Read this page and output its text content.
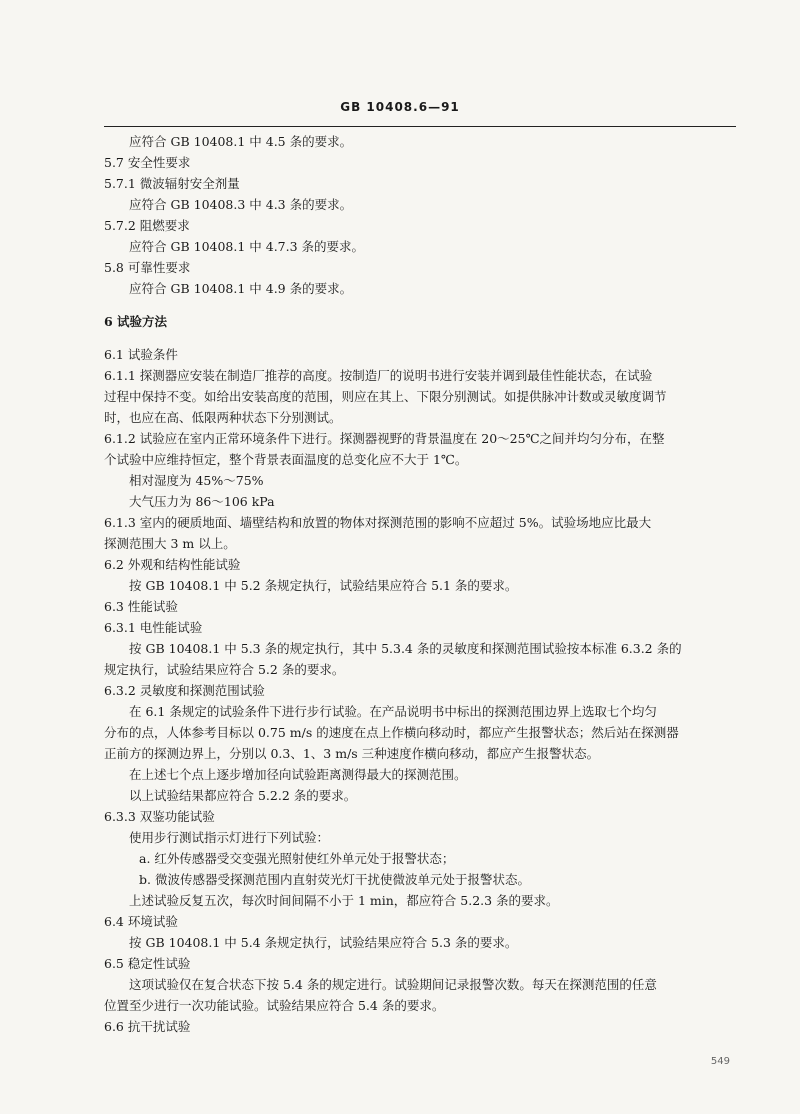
GB 10408.6—91
应符合 GB 10408.1 中 4.5 条的要求。
5.7 安全性要求
5.7.1 微波辐射安全剂量
应符合 GB 10408.3 中 4.3 条的要求。
5.7.2 阻燃要求
应符合 GB 10408.1 中 4.7.3 条的要求。
5.8 可靠性要求
应符合 GB 10408.1 中 4.9 条的要求。
6 试验方法
6.1 试验条件
6.1.1 探测器应安装在制造厂推荐的高度。按制造厂的说明书进行安装并调到最佳性能状态，在试验
过程中保持不变。如给出安装高度的范围，则应在其上、下限分别测试。如提供脉冲计数或灵敏度调节
时，也应在高、低限两种状态下分别测试。
6.1.2 试验应在室内正常环境条件下进行。探测器视野的背景温度在 20～25℃之间并均匀分布，在整
个试验中应维持恒定，整个背景表面温度的总变化应不大于 1℃。
相对湿度为 45%～75%
大气压力为 86～106 kPa
6.1.3 室内的硬质地面、墙壁结构和放置的物体对探测范围的影响不应超过 5%。试验场地应比最大
探测范围大 3 m 以上。
6.2 外观和结构性能试验
按 GB 10408.1 中 5.2 条规定执行，试验结果应符合 5.1 条的要求。
6.3 性能试验
6.3.1 电性能试验
按 GB 10408.1 中 5.3 条的规定执行，其中 5.3.4 条的灵敏度和探测范围试验按本标准 6.3.2 条的
规定执行，试验结果应符合 5.2 条的要求。
6.3.2 灵敏度和探测范围试验
在 6.1 条规定的试验条件下进行步行试验。在产品说明书中标出的探测范围边界上选取七个均匀
分布的点，人体参考目标以 0.75 m/s 的速度在点上作横向移动时，都应产生报警状态；然后站在探测器
正前方的探测边界上，分别以 0.3、1、3 m/s 三种速度作横向移动，都应产生报警状态。
在上述七个点上逐步增加径向试验距离测得最大的探测范围。
以上试验结果都应符合 5.2.2 条的要求。
6.3.3 双鉴功能试验
使用步行测试指示灯进行下列试验：
a. 红外传感器受交变强光照射使红外单元处于报警状态；
b. 微波传感器受探测范围内直射荧光灯干扰使微波单元处于报警状态。
上述试验反复五次，每次时间间隔不小于 1 min，都应符合 5.2.3 条的要求。
6.4 环境试验
按 GB 10408.1 中 5.4 条规定执行，试验结果应符合 5.3 条的要求。
6.5 稳定性试验
这项试验仅在复合状态下按 5.4 条的规定进行。试验期间记录报警次数。每天在探测范围的任意
位置至少进行一次功能试验。试验结果应符合 5.4 条的要求。
6.6 抗干扰试验
549
